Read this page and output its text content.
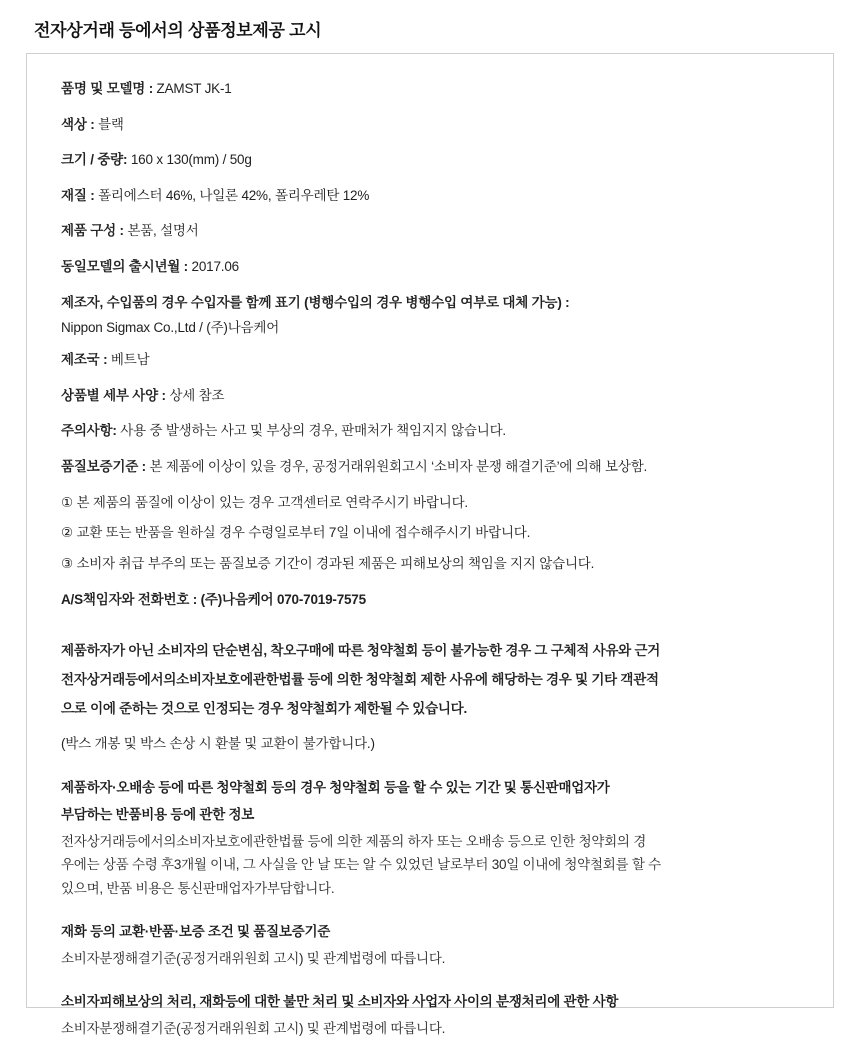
전자상거래 등에서의 상품정보제공 고시
품명 및 모델명 : ZAMST JK-1
색상 : 블랙
크기 / 중량: 160 x 130(mm) / 50g
재질 : 폴리에스터 46%, 나일론 42%, 폴리우레탄 12%
제품 구성 : 본품, 설명서
동일모델의 출시년월 : 2017.06
제조자, 수입품의 경우 수입자를 함께 표기 (병행수입의 경우 병행수입 여부로 대체 가능) :
Nippon Sigmax Co.,Ltd / (주)나음케어
제조국 : 베트남
상품별 세부 사양 : 상세 참조
주의사항: 사용 중 발생하는 사고 및 부상의 경우, 판매처가 책임지지 않습니다.
품질보증기준 : 본 제품에 이상이 있을 경우, 공정거래위원회고시 ‘소비자 분쟁 해결기준’에 의해 보상함.
① 본 제품의 품질에 이상이 있는 경우 고객센터로 연락주시기 바랍니다.
② 교환 또는 반품을 원하실 경우 수령일로부터 7일 이내에 접수해주시기 바랍니다.
③ 소비자 취급 부주의 또는 품질보증 기간이 경과된 제품은 피해보상의 책임을 지지 않습니다.
A/S책임자와 전화번호 : (주)나음케어 070-7019-7575
제품하자가 아닌 소비자의 단순변심, 착오구매에 따른 청약철회 등이 불가능한 경우 그 구체적 사유와 근거
전자상거래등에서의소비자보호에관한법률 등에 의한 청약철회 제한 사유에 해당하는 경우 및 기타 객관적
으로 이에 준하는 것으로 인정되는 경우 청약철회가 제한될 수 있습니다.
(박스 개봉 및 박스 손상 시 환불 및 교환이 불가합니다.)
제품하자·오배송 등에 따른 청약철회 등의 경우 청약철회 등을 할 수 있는 기간 및 통신판매업자가
부담하는 반품비용 등에 관한 정보
전자상거래등에서의소비자보호에관한법률 등에 의한 제품의 하자 또는 오배송 등으로 인한 청약회의 경
우에는 상품 수령 후3개월 이내, 그 사실을 안 날 또는 알 수 있었던 날로부터 30일 이내에 청약철회를 할 수
있으며, 반품 비용은 통신판매업자가부담합니다.
재화 등의 교환·반품·보증 조건 및 품질보증기준
소비자분쟁해결기준(공정거래위원회 고시) 및 관계법령에 따릅니다.
소비자피해보상의 처리, 재화등에 대한 불만 처리 및 소비자와 사업자 사이의 분쟁처리에 관한 사항
소비자분쟁해결기준(공정거래위원회 고시) 및 관계법령에 따릅니다.
